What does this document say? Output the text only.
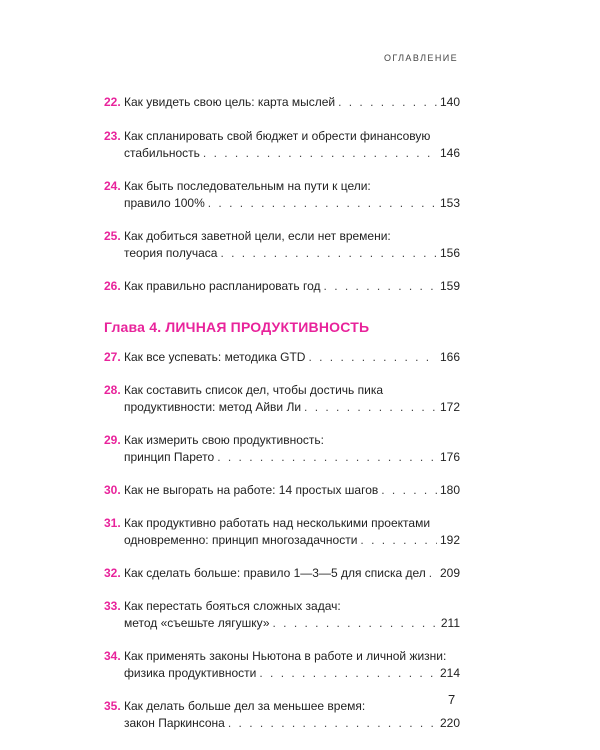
ОГЛАВЛЕНИЕ
22. Как увидеть свою цель: карта мыслей . . .	140
23. Как спланировать свой бюджет и обрести финансовую
стабильность . . .	146
24. Как быть последовательным на пути к цели:
правило 100% . . .	153
25. Как добиться заветной цели, если нет времени:
теория получаса . . .	156
26. Как правильно распланировать год . . .	159
Глава 4. ЛИЧНАЯ ПРОДУКТИВНОСТЬ
27. Как все успевать: методика GTD . . .	166
28. Как составить список дел, чтобы достичь пика
продуктивности: метод Айви Ли . . .	172
29. Как измерить свою продуктивность:
принцип Парето . . .	176
30. Как не выгорать на работе: 14 простых шагов . . .	180
31. Как продуктивно работать над несколькими проектами
одновременно: принцип многозадачности . . .	192
32. Как сделать больше: правило 1—3—5 для списка дел . . . 209
33. Как перестать бояться сложных задач:
метод «съешьте лягушку» . . .	211
34. Как применять законы Ньютона в работе и личной жизни:
физика продуктивности . . .	214
35. Как делать больше дел за меньшее время:
закон Паркинсона . . .	220
7
